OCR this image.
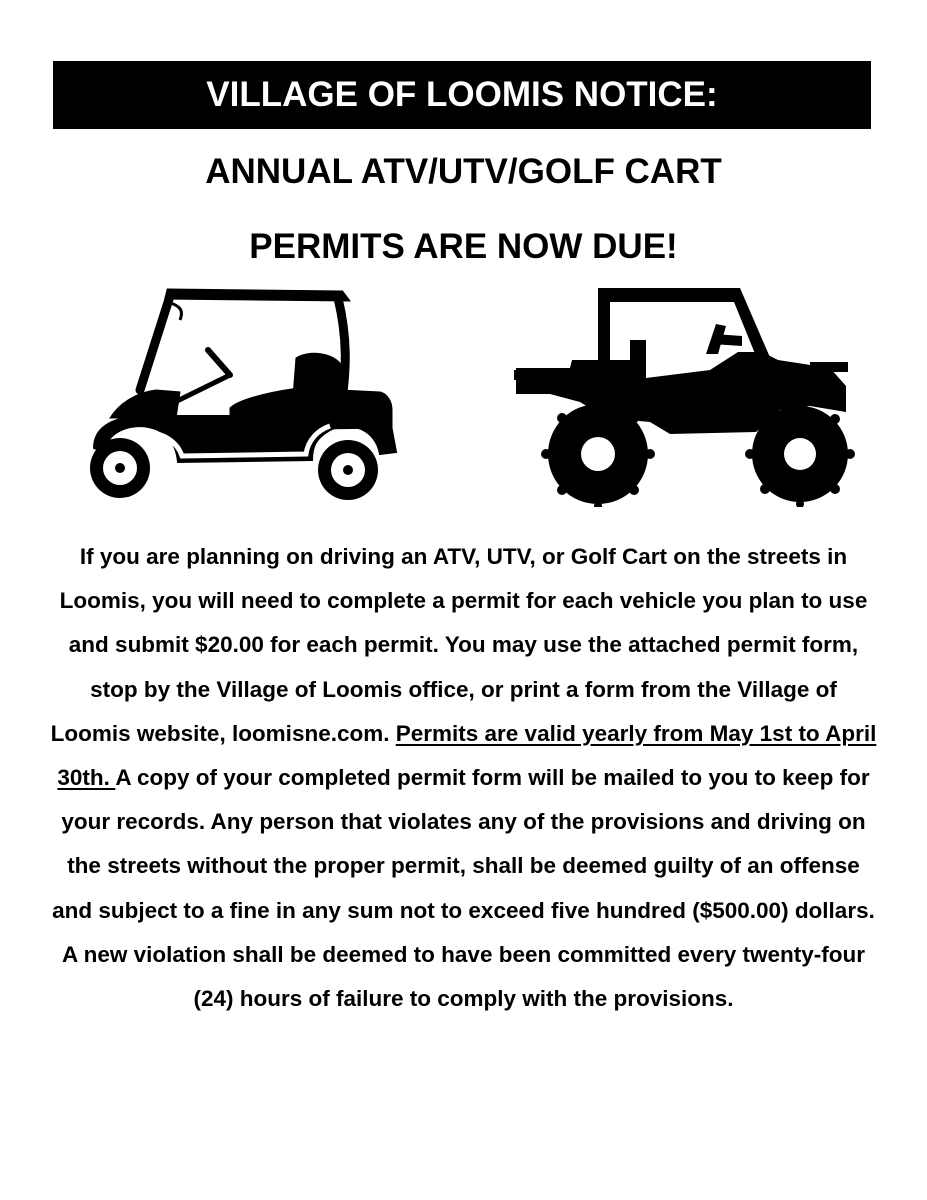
VILLAGE OF LOOMIS NOTICE:
ANNUAL ATV/UTV/GOLF CART
PERMITS ARE NOW DUE!
If you are planning on driving an ATV, UTV, or Golf Cart on the streets in Loomis, you will need to complete a permit for each vehicle you plan to use and submit $20.00 for each permit. You may use the attached permit form, stop by the Village of Loomis office, or print a form from the Village of Loomis website, loomisne.com. Permits are valid yearly from May 1st to April 30th. A copy of your completed permit form will be mailed to you to keep for your records. Any person that violates any of the provisions and driving on the streets without the proper permit, shall be deemed guilty of an offense and subject to a fine in any sum not to exceed five hundred ($500.00) dollars. A new violation shall be deemed to have been committed every twenty-four (24) hours of failure to comply with the provisions.
